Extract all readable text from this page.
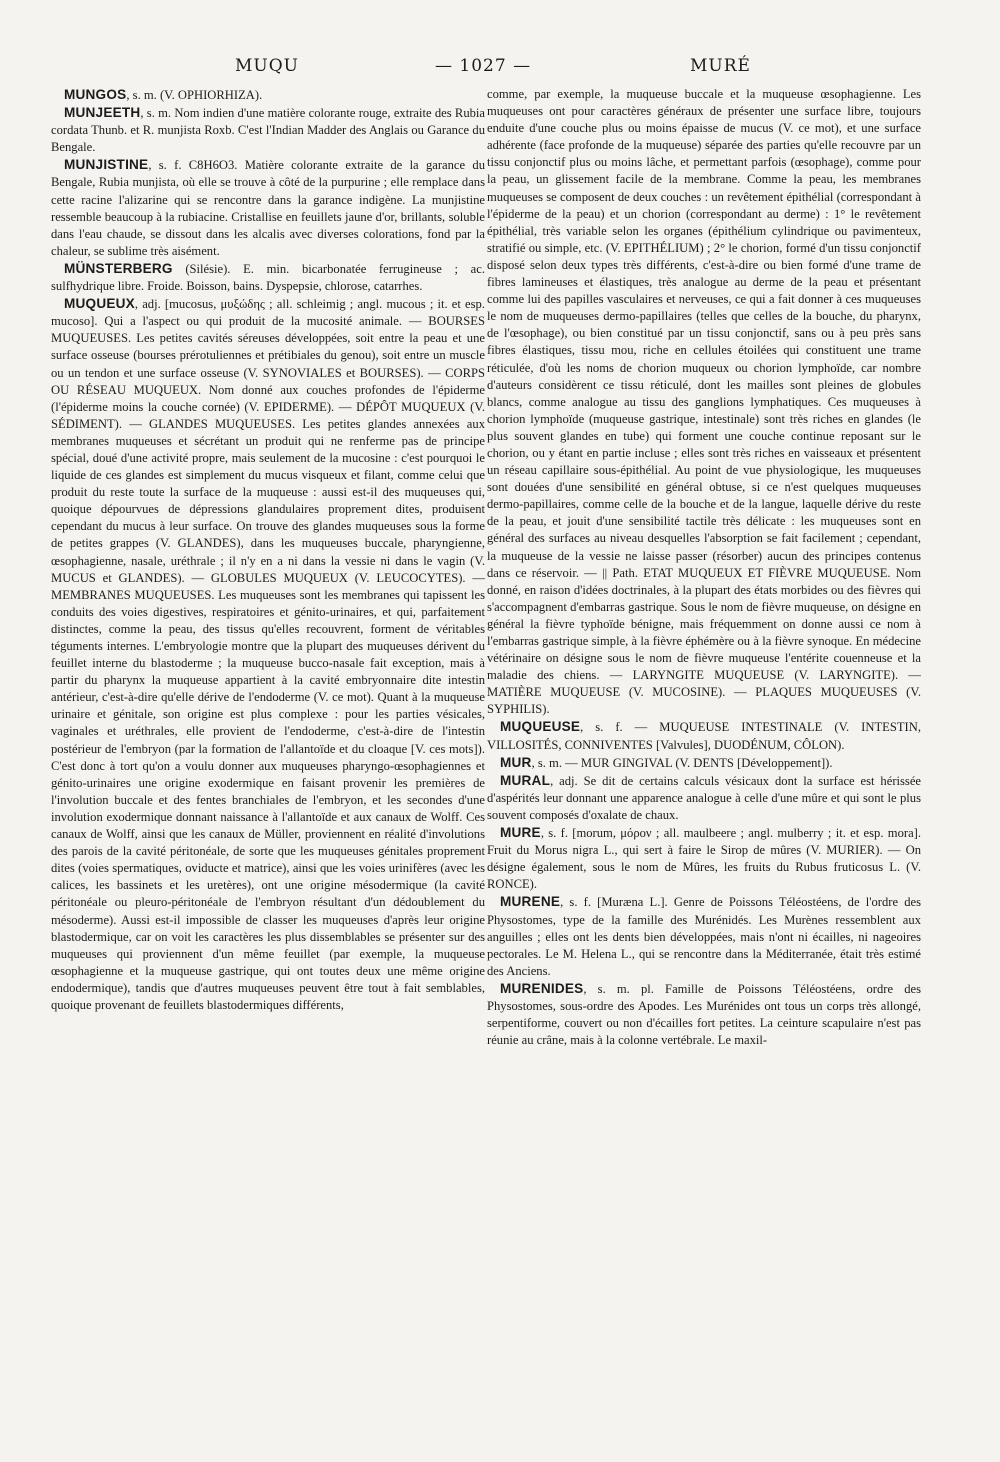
MUQU	— 1027 —	MURÉ

MUNGOS, s. m. (V. OPHIORHIZA).

MUNJEETH, s. m. Nom indien d'une matière colorante rouge, extraite des Rubia cordata Thunb. et R. munjista Roxb. C'est l'Indian Madder des Anglais ou Garance du Bengale.

MUNJISTINE, s. f. C8H6O3. Matière colorante extraite de la garance du Bengale, Rubia munjista, où elle se trouve à côté de la purpurine ; elle remplace dans cette racine l'alizarine qui se rencontre dans la garance indigène. La munjistine ressemble beaucoup à la rubiacine. Cristallise en feuillets jaune d'or, brillants, soluble dans l'eau chaude, se dissout dans les alcalis avec diverses colorations, fond par la chaleur, se sublime très aisément.

MÜNSTERBERG (Silésie). E. min. bicarbonatée ferrugineuse ; ac. sulfhydrique libre. Froide. Boisson, bains. Dyspepsie, chlorose, catarrhes.

MUQUEUX, adj. [mucosus, μυξώδης ; all. schleimig ; angl. mucous ; it. et esp. mucoso]. Qui a l'aspect ou qui produit de la mucosité animale. — BOURSES MUQUEUSES. Les petites cavités séreuses développées, soit entre la peau et une surface osseuse (bourses prérotuliennes et prétibiales du genou), soit entre un muscle ou un tendon et une surface osseuse (V. SYNOVIALES et BOURSES). — CORPS OU RÉSEAU MUQUEUX. Nom donné aux couches profondes de l'épiderme (l'épiderme moins la couche cornée) (V. EPIDERME). — DÉPÔT MUQUEUX (V. SÉDIMENT). — GLANDES MUQUEUSES. Les petites glandes annexées aux membranes muqueuses et sécrétant un produit qui ne renferme pas de principe spécial, doué d'une activité propre, mais seulement de la mucosine : c'est pourquoi le liquide de ces glandes est simplement du mucus visqueux et filant, comme celui que produit du reste toute la surface de la muqueuse : aussi est-il des muqueuses qui, quoique dépourvues de dépressions glandulaires proprement dites, produisent cependant du mucus à leur surface. On trouve des glandes muqueuses sous la forme de petites grappes (V. GLANDES), dans les muqueuses buccale, pharyngienne, œsophagienne, nasale, uréthrale ; il n'y en a ni dans la vessie ni dans le vagin (V. MUCUS et GLANDES). — GLOBULES MUQUEUX (V. LEUCOCYTES). — MEMBRANES MUQUEUSES. Les muqueuses sont les membranes qui tapissent les conduits des voies digestives, respiratoires et génito-urinaires, et qui, parfaitement distinctes, comme la peau, des tissus qu'elles recouvrent, forment de véritables téguments internes. L'embryologie montre que la plupart des muqueuses dérivent du feuillet interne du blastoderme ; la muqueuse bucco-nasale fait exception, mais à partir du pharynx la muqueuse appartient à la cavité embryonnaire dite intestin antérieur, c'est-à-dire qu'elle dérive de l'endoderme (V. ce mot). Quant à la muqueuse urinaire et génitale, son origine est plus complexe : pour les parties vésicales, vaginales et uréthrales, elle provient de l'endoderme, c'est-à-dire de l'intestin postérieur de l'embryon (par la formation de l'allantoïde et du cloaque [V. ces mots]). C'est donc à tort qu'on a voulu donner aux muqueuses pharyngo-œsophagiennes et génito-urinaires une origine exodermique en faisant provenir les premières de l'involution buccale et des fentes branchiales de l'embryon, et les secondes d'une involution exodermique donnant naissance à l'allantoïde et aux canaux de Wolff. Ces canaux de Wolff, ainsi que les canaux de Müller, proviennent en réalité d'involutions des parois de la cavité péritonéale, de sorte que les muqueuses génitales proprement dites (voies spermatiques, oviducte et matrice), ainsi que les voies urinifères (avec les calices, les bassinets et les uretères), ont une origine mésodermique (la cavité péritonéale ou pleuro-péritonéale de l'embryon résultant d'un dédoublement du mésoderme). Aussi est-il impossible de classer les muqueuses d'après leur origine blastodermique, car on voit les caractères les plus dissemblables se présenter sur des muqueuses qui proviennent d'un même feuillet (par exemple, la muqueuse œsophagienne et la muqueuse gastrique, qui ont toutes deux une même origine endodermique), tandis que d'autres muqueuses peuvent être tout à fait semblables, quoique provenant de feuillets blastodermiques différents,

comme, par exemple, la muqueuse buccale et la muqueuse œsophagienne. Les muqueuses ont pour caractères généraux de présenter une surface libre, toujours enduite d'une couche plus ou moins épaisse de mucus (V. ce mot), et une surface adhérente (face profonde de la muqueuse) séparée des parties qu'elle recouvre par un tissu conjonctif plus ou moins lâche, et permettant parfois (œsophage), comme pour la peau, un glissement facile de la membrane. Comme la peau, les membranes muqueuses se composent de deux couches : un revêtement épithélial (correspondant à l'épiderme de la peau) et un chorion (correspondant au derme) : 1° le revêtement épithélial, très variable selon les organes (épithélium cylindrique ou pavimenteux, stratifié ou simple, etc. (V. EPITHÉLIUM) ; 2° le chorion, formé d'un tissu conjonctif disposé selon deux types très différents, c'est-à-dire ou bien formé d'une trame de fibres lamineuses et élastiques, très analogue au derme de la peau et présentant comme lui des papilles vasculaires et nerveuses, ce qui a fait donner à ces muqueuses le nom de muqueuses dermo-papillaires (telles que celles de la bouche, du pharynx, de l'œsophage), ou bien constitué par un tissu conjonctif, sans ou à peu près sans fibres élastiques, tissu mou, riche en cellules étoilées qui constituent une trame réticulée, d'où les noms de chorion muqueux ou chorion lymphoïde, car nombre d'auteurs considèrent ce tissu réticulé, dont les mailles sont pleines de globules blancs, comme analogue au tissu des ganglions lymphatiques. Ces muqueuses à chorion lymphoïde (muqueuse gastrique, intestinale) sont très riches en glandes (le plus souvent glandes en tube) qui forment une couche continue reposant sur le chorion, ou y étant en partie incluse ; elles sont très riches en vaisseaux et présentent un réseau capillaire sous-épithélial. Au point de vue physiologique, les muqueuses sont douées d'une sensibilité en général obtuse, si ce n'est quelques muqueuses dermo-papillaires, comme celle de la bouche et de la langue, laquelle dérive du reste de la peau, et jouit d'une sensibilité tactile très délicate : les muqueuses sont en général des surfaces au niveau desquelles l'absorption se fait facilement ; cependant, la muqueuse de la vessie ne laisse passer (résorber) aucun des principes contenus dans ce réservoir. — || Path. ETAT MUQUEUX ET FIÈVRE MUQUEUSE. Nom donné, en raison d'idées doctrinales, à la plupart des états morbides ou des fièvres qui s'accompagnent d'embarras gastrique. Sous le nom de fièvre muqueuse, on désigne en général la fièvre typhoïde bénigne, mais fréquemment on donne aussi ce nom à l'embarras gastrique simple, à la fièvre éphémère ou à la fièvre synoque. En médecine vétérinaire on désigne sous le nom de fièvre muqueuse l'entérite couenneuse et la maladie des chiens. — LARYNGITE MUQUEUSE (V. LARYNGITE). — MATIÈRE MUQUEUSE (V. MUCOSINE). — PLAQUES MUQUEUSES (V. SYPHILIS).

MUQUEUSE, s. f. — MUQUEUSE INTESTINALE (V. INTESTIN, VILLOSITÉS, CONNIVENTES [Valvules], DUODÉNUM, CÔLON).

MUR, s. m. — MUR GINGIVAL (V. DENTS [Développement]).

MURAL, adj. Se dit de certains calculs vésicaux dont la surface est hérissée d'aspérités leur donnant une apparence analogue à celle d'une mûre et qui sont le plus souvent composés d'oxalate de chaux.

MURE, s. f. [morum, μόρον ; all. maulbeere ; angl. mulberry ; it. et esp. mora]. Fruit du Morus nigra L., qui sert à faire le Sirop de mûres (V. MURIER). — On désigne également, sous le nom de Mûres, les fruits du Rubus fruticosus L. (V. RONCE).

MURENE, s. f. [Muræna L.]. Genre de Poissons Téléostéens, de l'ordre des Physostomes, type de la famille des Murénidés. Les Murènes ressemblent aux anguilles ; elles ont les dents bien développées, mais n'ont ni écailles, ni nageoires pectorales. Le M. Helena L., qui se rencontre dans la Méditerranée, était très estimé des Anciens.

MURENIDES, s. m. pl. Famille de Poissons Téléostéens, ordre des Physostomes, sous-ordre des Apodes. Les Murénides ont tous un corps très allongé, serpentiforme, couvert ou non d'écailles fort petites. La ceinture scapulaire n'est pas réunie au crâne, mais à la colonne vertébrale. Le maxil-
